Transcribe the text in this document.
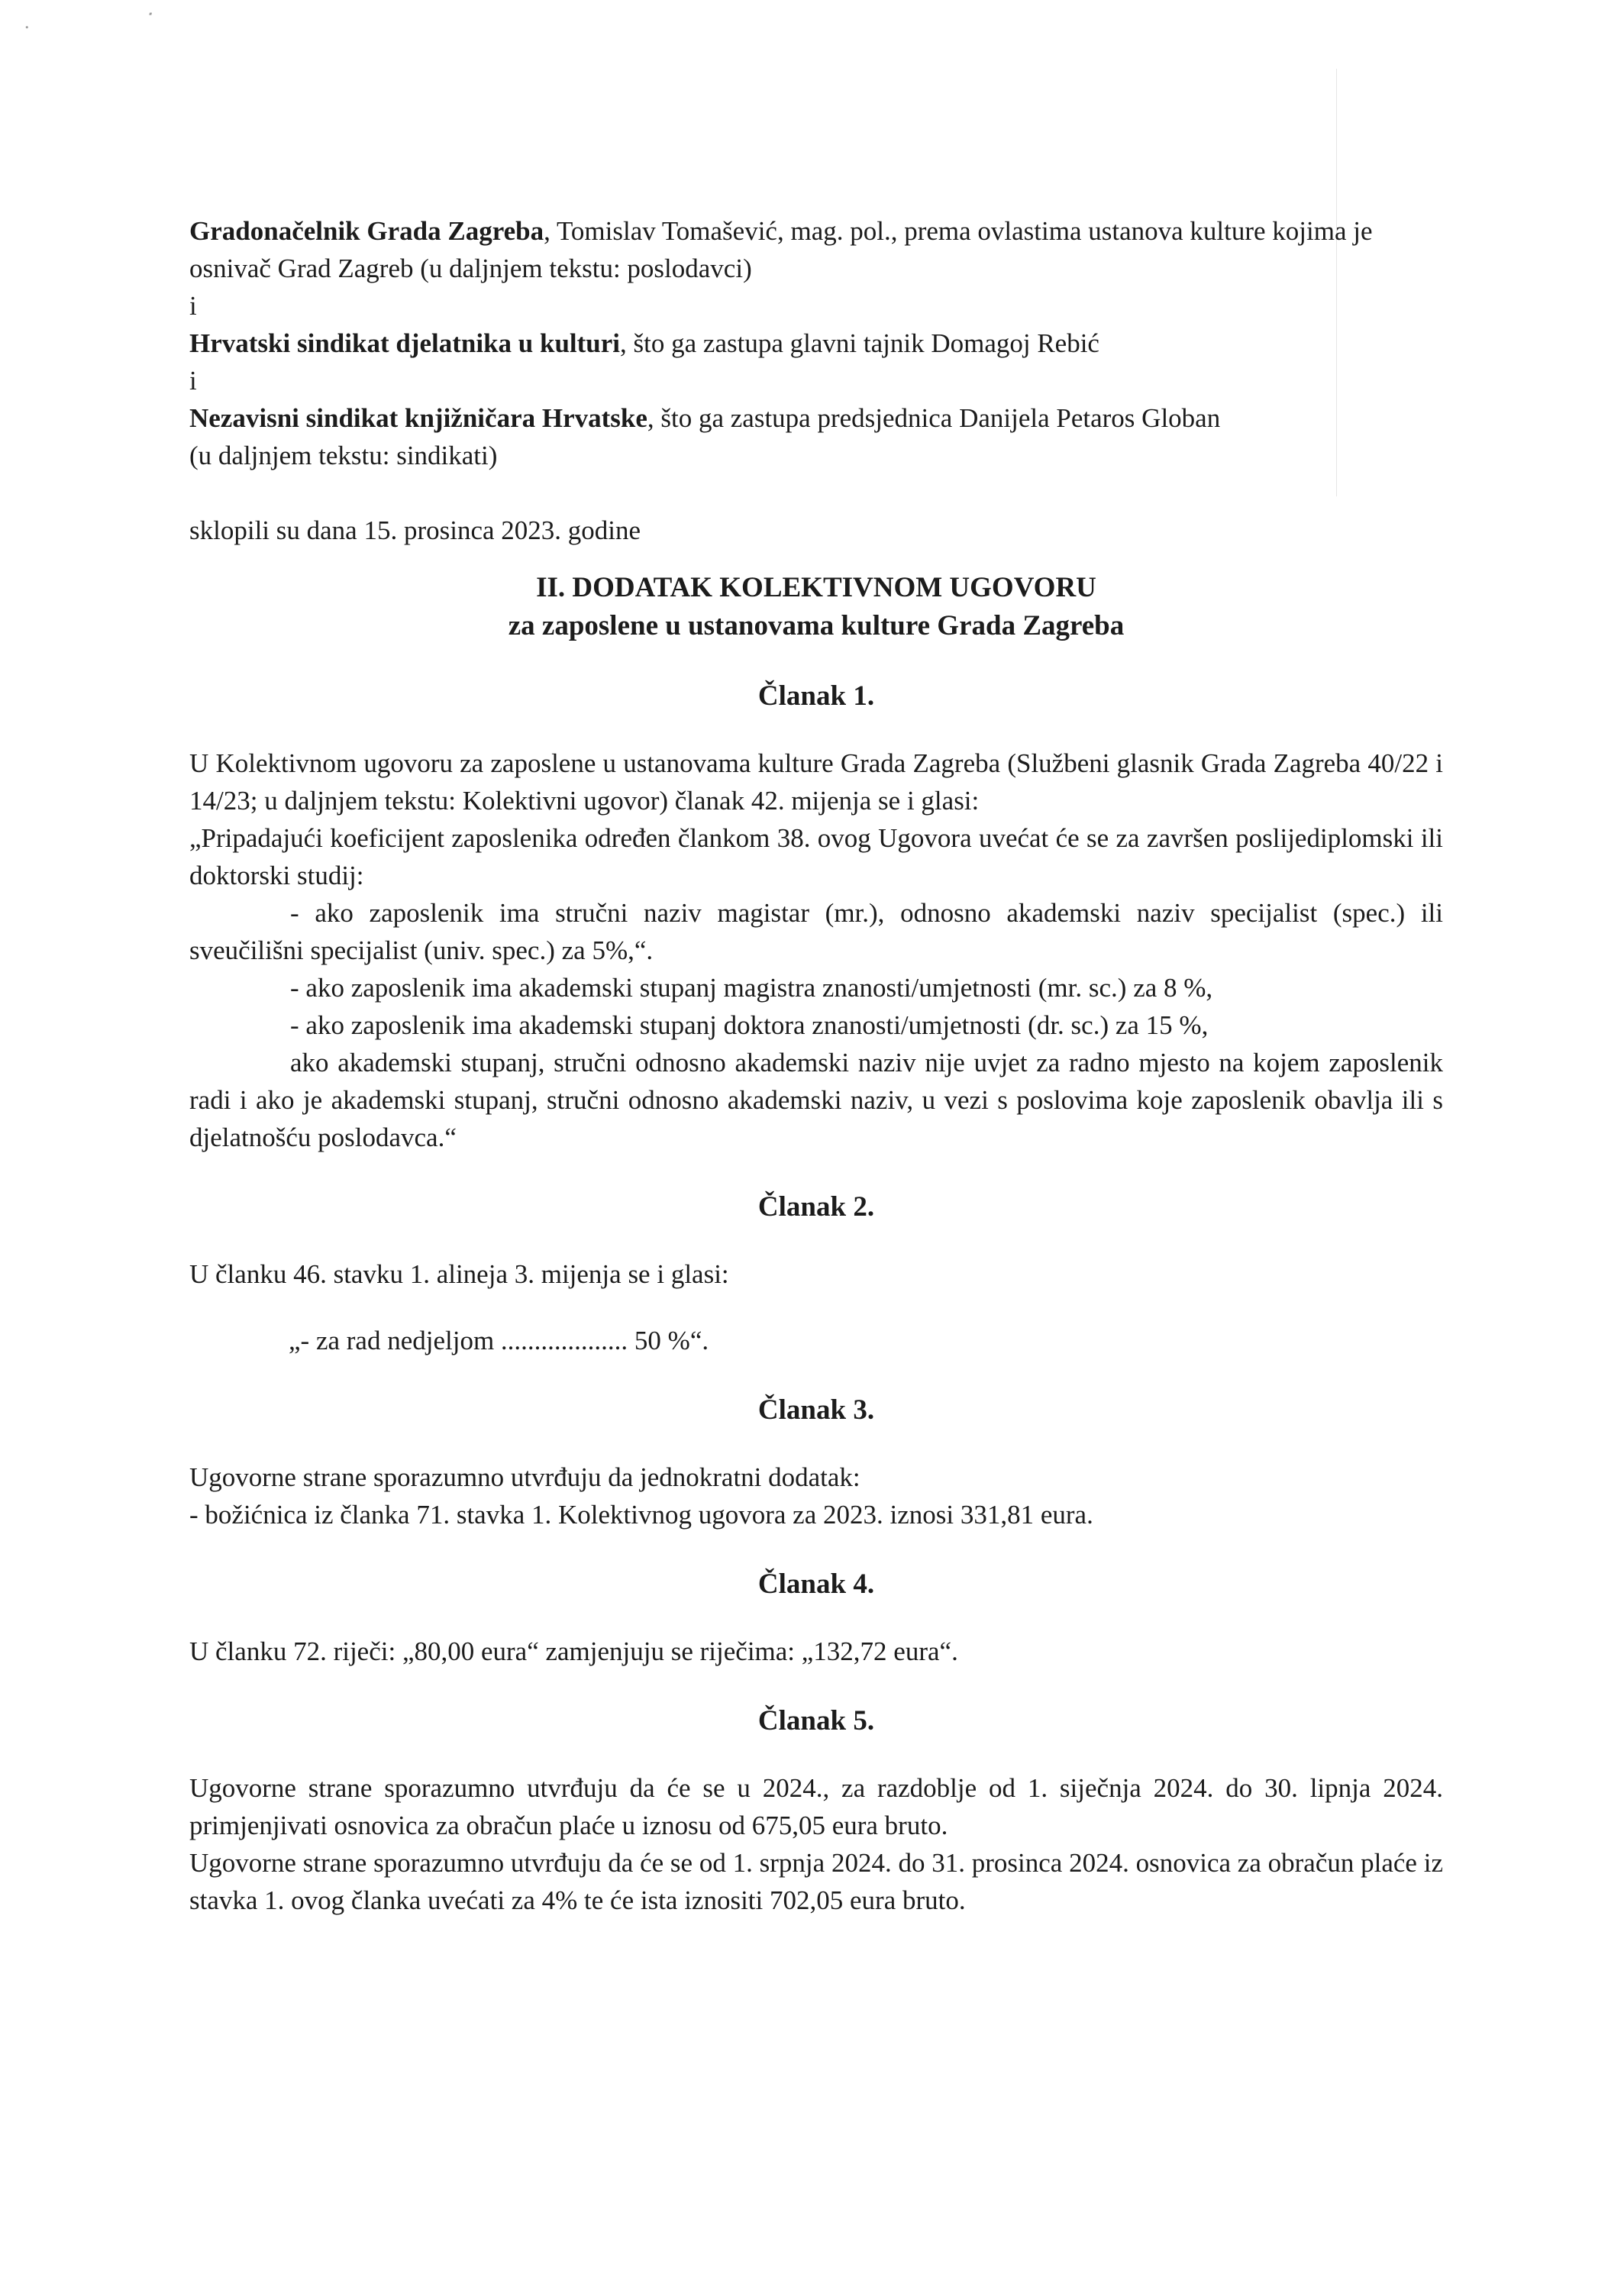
.	ᐧ

Gradonačelnik Grada Zagreba, Tomislav Tomašević, mag. pol., prema ovlastima ustanova kulture kojima je osnivač Grad Zagreb (u daljnjem tekstu: poslodavci)

i

Hrvatski sindikat djelatnika u kulturi, što ga zastupa glavni tajnik Domagoj Rebić

i

Nezavisni sindikat knjižničara Hrvatske, što ga zastupa predsjednica Danijela Petaros Globan

(u daljnjem tekstu: sindikati)

sklopili su dana 15. prosinca 2023. godine

II. DODATAK KOLEKTIVNOM UGOVORU

za zaposlene u ustanovama kulture Grada Zagreba

Članak 1.

U Kolektivnom ugovoru za zaposlene u ustanovama kulture Grada Zagreba (Službeni glasnik Grada Zagreba 40/22 i 14/23; u daljnjem tekstu: Kolektivni ugovor) članak 42. mijenja se i glasi:

„Pripadajući koeficijent zaposlenika određen člankom 38. ovog Ugovora uvećat će se za završen poslijediplomski ili doktorski studij:

- ako zaposlenik ima stručni naziv magistar (mr.), odnosno akademski naziv specijalist (spec.) ili sveučilišni specijalist (univ. spec.) za 5%,“.

- ako zaposlenik ima akademski stupanj magistra znanosti/umjetnosti (mr. sc.) za 8 %,

- ako zaposlenik ima akademski stupanj doktora znanosti/umjetnosti (dr. sc.) za 15 %,

ako akademski stupanj, stručni odnosno akademski naziv nije uvjet za radno mjesto na kojem zaposlenik radi i ako je akademski stupanj, stručni odnosno akademski naziv, u vezi s poslovima koje zaposlenik obavlja ili s djelatnošću poslodavca.“

Članak 2.

U članku 46. stavku 1. alineja 3. mijenja se i glasi:

„- za rad nedjeljom ................... 50 %“.

Članak 3.

Ugovorne strane sporazumno utvrđuju da jednokratni dodatak:

- božićnica iz članka 71. stavka 1. Kolektivnog ugovora za 2023. iznosi 331,81 eura.

Članak 4.

U članku 72. riječi: „80,00 eura“ zamjenjuju se riječima: „132,72 eura“.

Članak 5.

Ugovorne strane sporazumno utvrđuju da će se u 2024., za razdoblje od 1. siječnja 2024. do 30. lipnja 2024. primjenjivati osnovica za obračun plaće u iznosu od 675,05 eura bruto.

Ugovorne strane sporazumno utvrđuju da će se od 1. srpnja 2024. do 31. prosinca 2024. osnovica za obračun plaće iz stavka 1. ovog članka uvećati za 4% te će ista iznositi 702,05 eura bruto.
